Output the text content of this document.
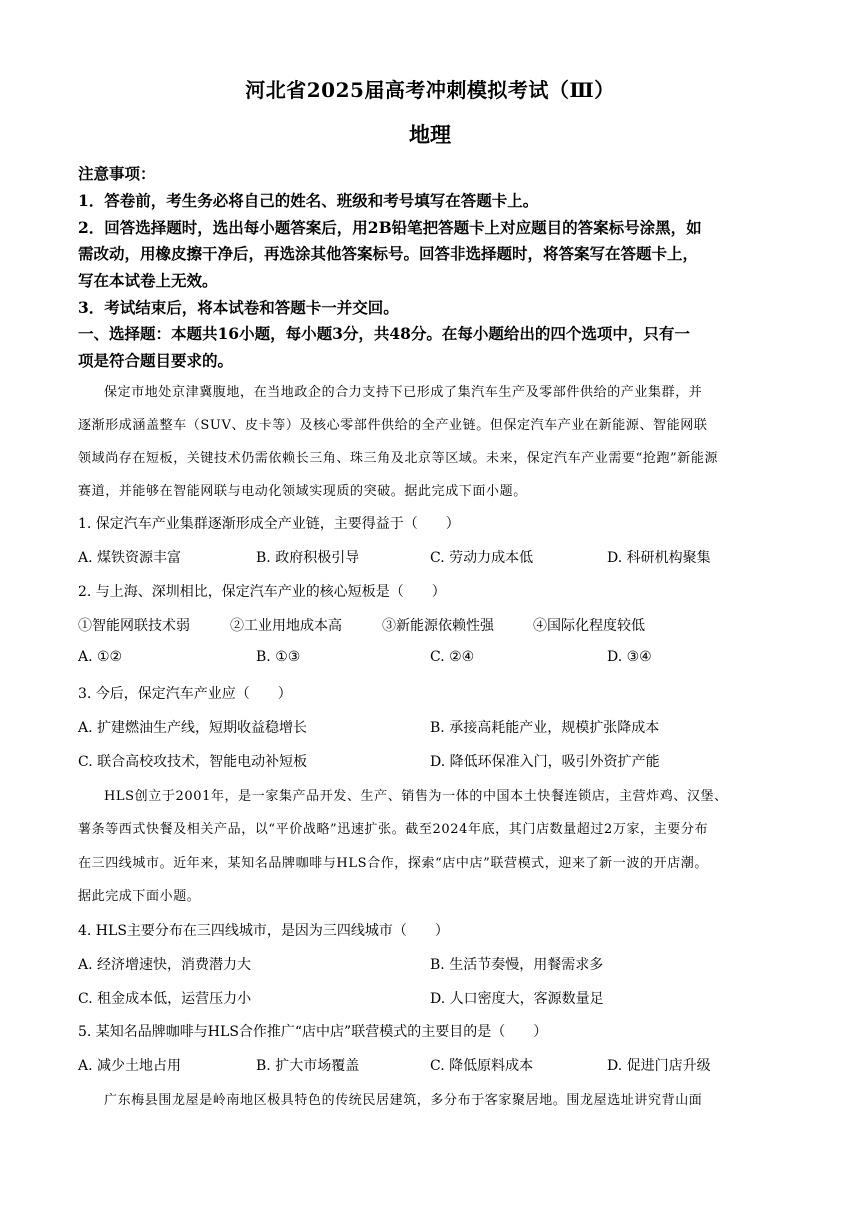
河北省2025届高考冲刺模拟考试（Ⅲ）
地理
注意事项：
1．答卷前，考生务必将自己的姓名、班级和考号填写在答题卡上。
2．回答选择题时，选出每小题答案后，用2B铅笔把答题卡上对应题目的答案标号涂黑，如
需改动，用橡皮擦干净后，再选涂其他答案标号。回答非选择题时，将答案写在答题卡上，
写在本试卷上无效。
3．考试结束后，将本试卷和答题卡一并交回。
一、选择题：本题共16小题，每小题3分，共48分。在每小题给出的四个选项中，只有一
项是符合题目要求的。
保定市地处京津冀腹地，在当地政企的合力支持下已形成了集汽车生产及零部件供给的产业集群，并
逐渐形成涵盖整车（SUV、皮卡等）及核心零部件供给的全产业链。但保定汽车产业在新能源、智能网联
领域尚存在短板，关键技术仍需依赖长三角、珠三角及北京等区域。未来，保定汽车产业需要“抢跑”新能源
赛道，并能够在智能网联与电动化领域实现质的突破。据此完成下面小题。
1. 保定汽车产业集群逐渐形成全产业链，主要得益于（　　）
A. 煤铁资源丰富	B. 政府积极引导	C. 劳动力成本低	D. 科研机构聚集
2. 与上海、深圳相比，保定汽车产业的核心短板是（　　）
①智能网联技术弱	②工业用地成本高	③新能源依赖性强	④国际化程度较低
A. ①②	B. ①③	C. ②④	D. ③④
3. 今后，保定汽车产业应（　　）
A. 扩建燃油生产线，短期收益稳增长	B. 承接高耗能产业，规模扩张降成本
C. 联合高校攻技术，智能电动补短板	D. 降低环保准入门，吸引外资扩产能
HLS创立于2001年，是一家集产品开发、生产、销售为一体的中国本土快餐连锁店，主营炸鸡、汉堡、
薯条等西式快餐及相关产品，以“平价战略”迅速扩张。截至2024年底，其门店数量超过2万家，主要分布
在三四线城市。近年来，某知名品牌咖啡与HLS合作，探索“店中店”联营模式，迎来了新一波的开店潮。
据此完成下面小题。
4. HLS主要分布在三四线城市，是因为三四线城市（　　）
A. 经济增速快，消费潜力大	B. 生活节奏慢，用餐需求多
C. 租金成本低，运营压力小	D. 人口密度大，客源数量足
5. 某知名品牌咖啡与HLS合作推广“店中店”联营模式的主要目的是（　　）
A. 减少土地占用	B. 扩大市场覆盖	C. 降低原料成本	D. 促进门店升级
广东梅县围龙屋是岭南地区极具特色的传统民居建筑，多分布于客家聚居地。围龙屋选址讲究背山面
